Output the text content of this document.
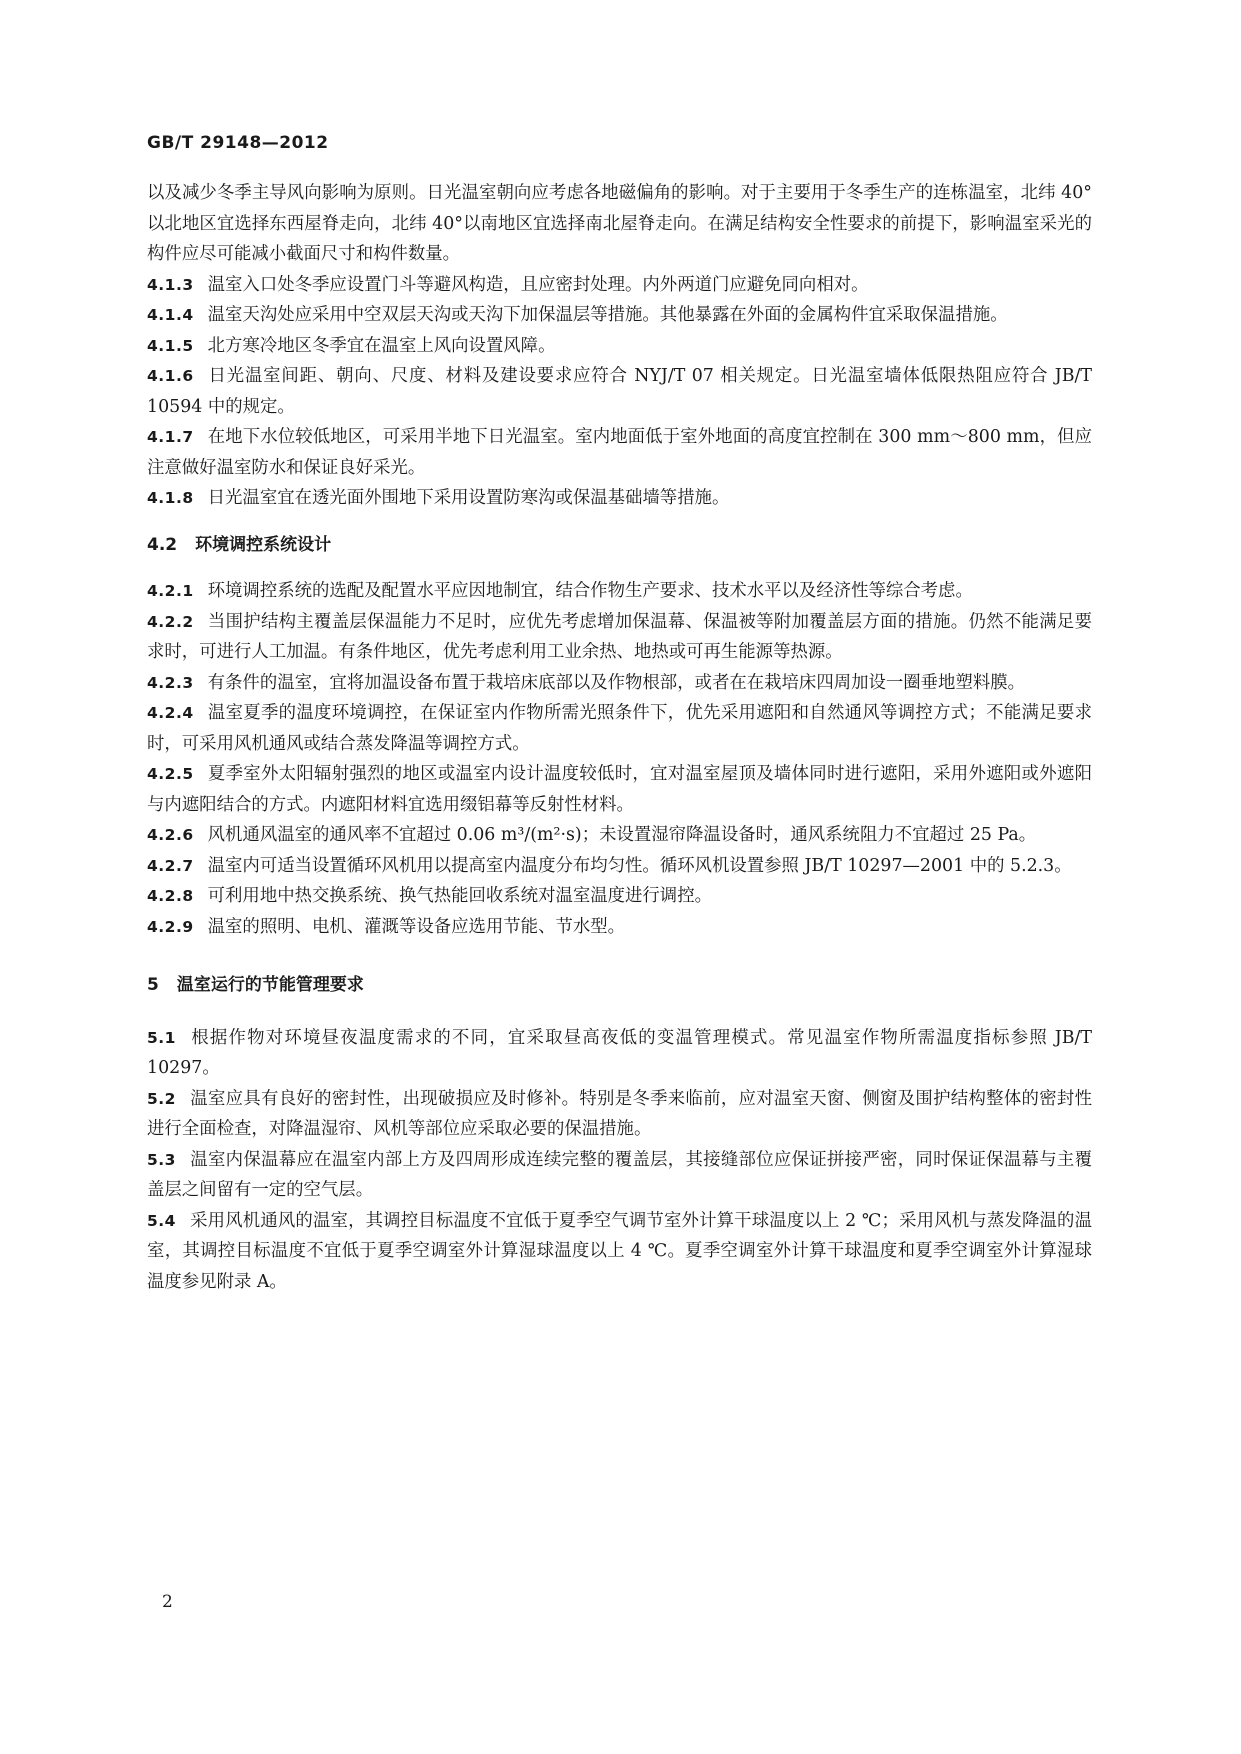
GB/T 29148—2012

以及减少冬季主导风向影响为原则。日光温室朝向应考虑各地磁偏角的影响。对于主要用于冬季生产的连栋温室，北纬 40°以北地区宜选择东西屋脊走向，北纬 40°以南地区宜选择南北屋脊走向。在满足结构安全性要求的前提下，影响温室采光的构件应尽可能减小截面尺寸和构件数量。

4.1.3 温室入口处冬季应设置门斗等避风构造，且应密封处理。内外两道门应避免同向相对。

4.1.4 温室天沟处应采用中空双层天沟或天沟下加保温层等措施。其他暴露在外面的金属构件宜采取保温措施。

4.1.5 北方寒冷地区冬季宜在温室上风向设置风障。

4.1.6 日光温室间距、朝向、尺度、材料及建设要求应符合 NYJ/T 07 相关规定。日光温室墙体低限热阻应符合 JB/T 10594 中的规定。

4.1.7 在地下水位较低地区，可采用半地下日光温室。室内地面低于室外地面的高度宜控制在 300 mm～800 mm，但应注意做好温室防水和保证良好采光。

4.1.8 日光温室宜在透光面外围地下采用设置防寒沟或保温基础墙等措施。

4.2 环境调控系统设计

4.2.1 环境调控系统的选配及配置水平应因地制宜，结合作物生产要求、技术水平以及经济性等综合考虑。

4.2.2 当围护结构主覆盖层保温能力不足时，应优先考虑增加保温幕、保温被等附加覆盖层方面的措施。仍然不能满足要求时，可进行人工加温。有条件地区，优先考虑利用工业余热、地热或可再生能源等热源。

4.2.3 有条件的温室，宜将加温设备布置于栽培床底部以及作物根部，或者在在栽培床四周加设一圈垂地塑料膜。

4.2.4 温室夏季的温度环境调控，在保证室内作物所需光照条件下，优先采用遮阳和自然通风等调控方式；不能满足要求时，可采用风机通风或结合蒸发降温等调控方式。

4.2.5 夏季室外太阳辐射强烈的地区或温室内设计温度较低时，宜对温室屋顶及墙体同时进行遮阳，采用外遮阳或外遮阳与内遮阳结合的方式。内遮阳材料宜选用缀铝幕等反射性材料。

4.2.6 风机通风温室的通风率不宜超过 0.06 m³/(m²·s)；未设置湿帘降温设备时，通风系统阻力不宜超过 25 Pa。

4.2.7 温室内可适当设置循环风机用以提高室内温度分布均匀性。循环风机设置参照 JB/T 10297—2001 中的 5.2.3。

4.2.8 可利用地中热交换系统、换气热能回收系统对温室温度进行调控。

4.2.9 温室的照明、电机、灌溉等设备应选用节能、节水型。

5 温室运行的节能管理要求

5.1 根据作物对环境昼夜温度需求的不同，宜采取昼高夜低的变温管理模式。常见温室作物所需温度指标参照 JB/T 10297。

5.2 温室应具有良好的密封性，出现破损应及时修补。特别是冬季来临前，应对温室天窗、侧窗及围护结构整体的密封性进行全面检查，对降温湿帘、风机等部位应采取必要的保温措施。

5.3 温室内保温幕应在温室内部上方及四周形成连续完整的覆盖层，其接缝部位应保证拼接严密，同时保证保温幕与主覆盖层之间留有一定的空气层。

5.4 采用风机通风的温室，其调控目标温度不宜低于夏季空气调节室外计算干球温度以上 2 ℃；采用风机与蒸发降温的温室，其调控目标温度不宜低于夏季空调室外计算湿球温度以上 4 ℃。夏季空调室外计算干球温度和夏季空调室外计算湿球温度参见附录 A。

2
